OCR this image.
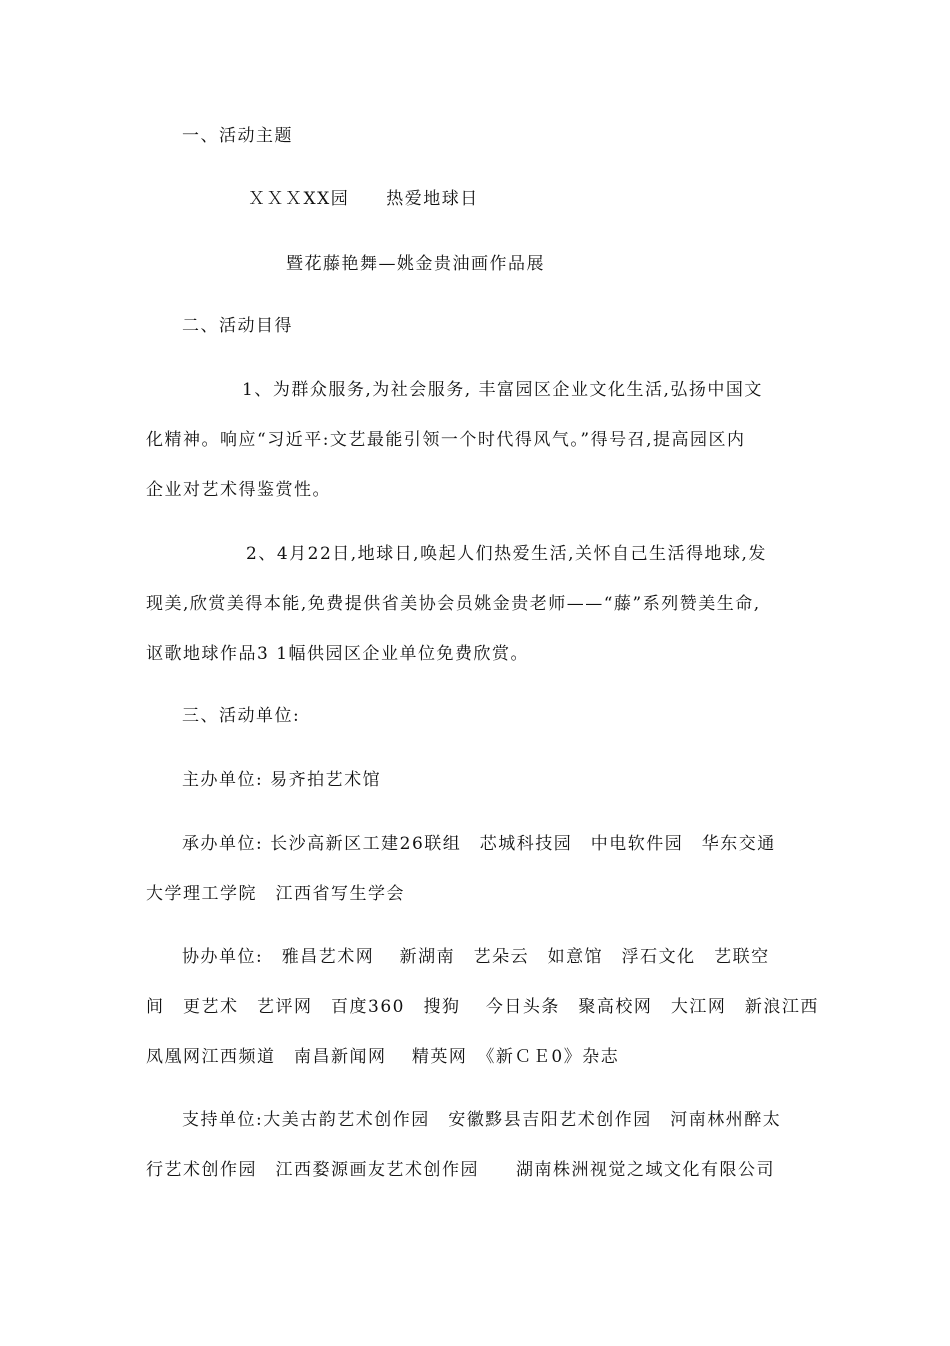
一、活动主题
ＸＸＸXX园　　热爱地球日
暨花藤艳舞—姚金贵油画作品展
二、活动目得
1、为群众服务,为社会服务, 丰富园区企业文化生活,弘扬中国文
化精神。响应“习近平:文艺最能引领一个时代得风气。”得号召,提高园区内
企业对艺术得鉴赏性。
2、4月22日,地球日,唤起人们热爱生活,关怀自己生活得地球,发
现美,欣赏美得本能,免费提供省美协会员姚金贵老师——“藤”系列赞美生命,
讴歌地球作品3 1幅供园区企业单位免费欣赏。
三、活动单位:
主办单位: 易齐拍艺术馆
承办单位: 长沙高新区工建26联组　芯城科技园　中电软件园　华东交通
大学理工学院　江西省写生学会
协办单位:　雅昌艺术网　 新湖南　艺朵云　如意馆　浮石文化　艺联空
间　更艺术　艺评网　百度360　搜狗　 今日头条　聚高校网　大江网　新浪江西
凤凰网江西频道　南昌新闻网　 精英网　《新ＣＥ0》杂志
支持单位:大美古韵艺术创作园　安徽黟县吉阳艺术创作园　河南林州醉太
行艺术创作园　江西婺源画友艺术创作园　　湖南株洲视觉之域文化有限公司
